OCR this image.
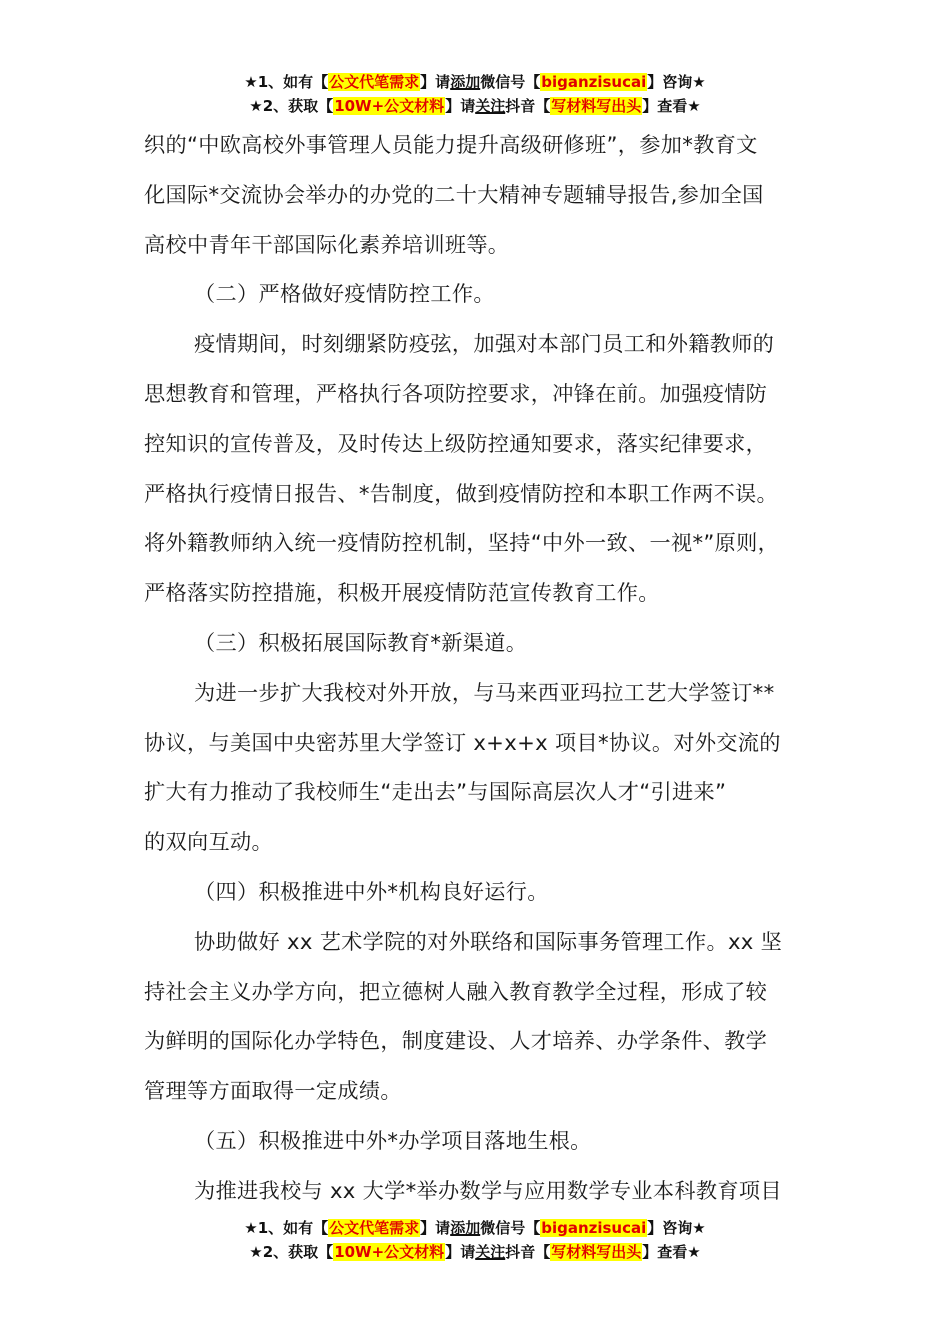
★1、如有【公文代笔需求】请添加微信号【biganzisucai】咨询★
★2、获取【10W+公文材料】请关注抖音【写材料写出头】查看★
织的“中欧高校外事管理人员能力提升高级研修班”，参加*教育文
化国际*交流协会举办的办党的二十大精神专题辅导报告,参加全国
高校中青年干部国际化素养培训班等。
（二）严格做好疫情防控工作。
疫情期间，时刻绷紧防疫弦，加强对本部门员工和外籍教师的
思想教育和管理，严格执行各项防控要求，冲锋在前。加强疫情防
控知识的宣传普及，及时传达上级防控通知要求，落实纪律要求，
严格执行疫情日报告、*告制度，做到疫情防控和本职工作两不误。
将外籍教师纳入统一疫情防控机制，坚持“中外一致、一视*”原则，
严格落实防控措施，积极开展疫情防范宣传教育工作。
（三）积极拓展国际教育*新渠道。
为进一步扩大我校对外开放，与马来西亚玛拉工艺大学签订**
协议，与美国中央密苏里大学签订 x+x+x 项目*协议。对外交流的
扩大有力推动了我校师生“走出去”与国际高层次人才“引进来”
的双向互动。
（四）积极推进中外*机构良好运行。
协助做好 xx 艺术学院的对外联络和国际事务管理工作。xx 坚
持社会主义办学方向，把立德树人融入教育教学全过程，形成了较
为鲜明的国际化办学特色，制度建设、人才培养、办学条件、教学
管理等方面取得一定成绩。
（五）积极推进中外*办学项目落地生根。
为推进我校与 xx 大学*举办数学与应用数学专业本科教育项目
★1、如有【公文代笔需求】请添加微信号【biganzisucai】咨询★
★2、获取【10W+公文材料】请关注抖音【写材料写出头】查看★
